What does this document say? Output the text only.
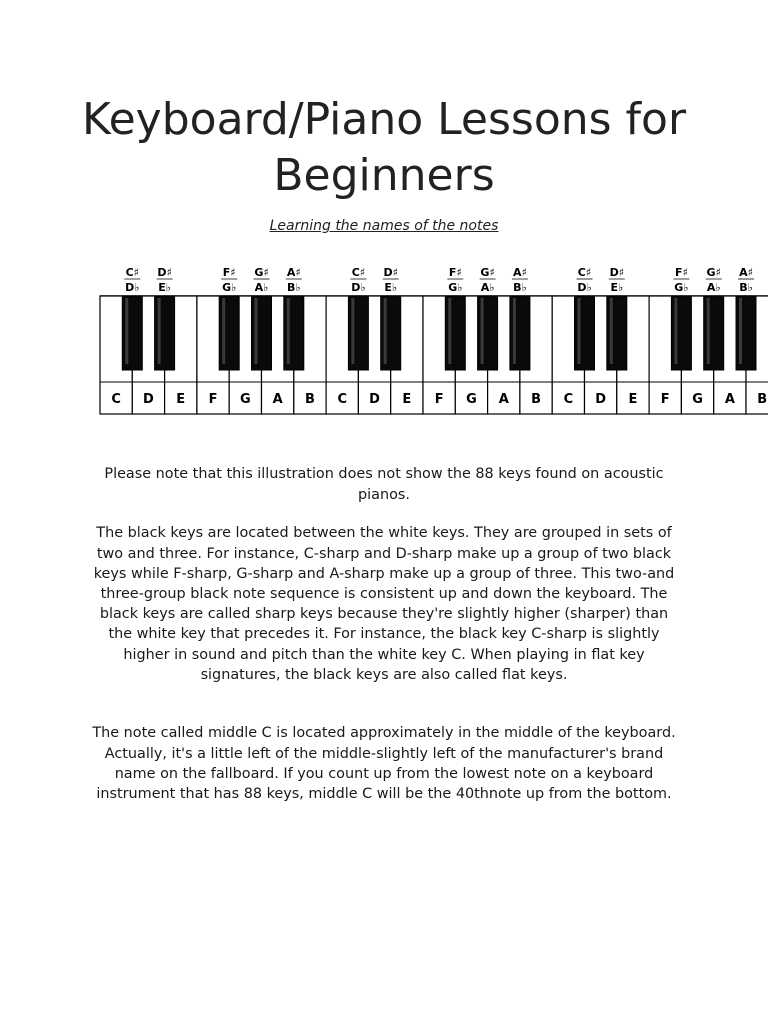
Keyboard/Piano Lessons for Beginners
Learning the names of the notes
C D E F G A B C D E F G A B C D E F G A B
C♯
D♭
D♯
E♭
F♯
G♭
G♯
A♭
A♯
B♭
C♯
D♭
D♯
E♭
F♯
G♭
G♯
A♭
A♯
B♭
C♯
D♭
D♯
E♭
F♯
G♭
G♯
A♭
A♯
B♭

Please note that this illustration does not show the 88 keys found on acoustic pianos.

The black keys are located between the white keys. They are grouped in sets of two and three. For instance, C-sharp and D-sharp make up a group of two black keys while F-sharp, G-sharp and A-sharp make up a group of three. This two-and three-group black note sequence is consistent up and down the keyboard. The black keys are called sharp keys because they're slightly higher (sharper) than the white key that precedes it. For instance, the black key C-sharp is slightly higher in sound and pitch than the white key C. When playing in flat key signatures, the black keys are also called flat keys.

The note called middle C is located approximately in the middle of the keyboard. Actually, it's a little left of the middle-slightly left of the manufacturer's brand name on the fallboard. If you count up from the lowest note on a keyboard instrument that has 88 keys, middle C will be the 40thnote up from the bottom.
